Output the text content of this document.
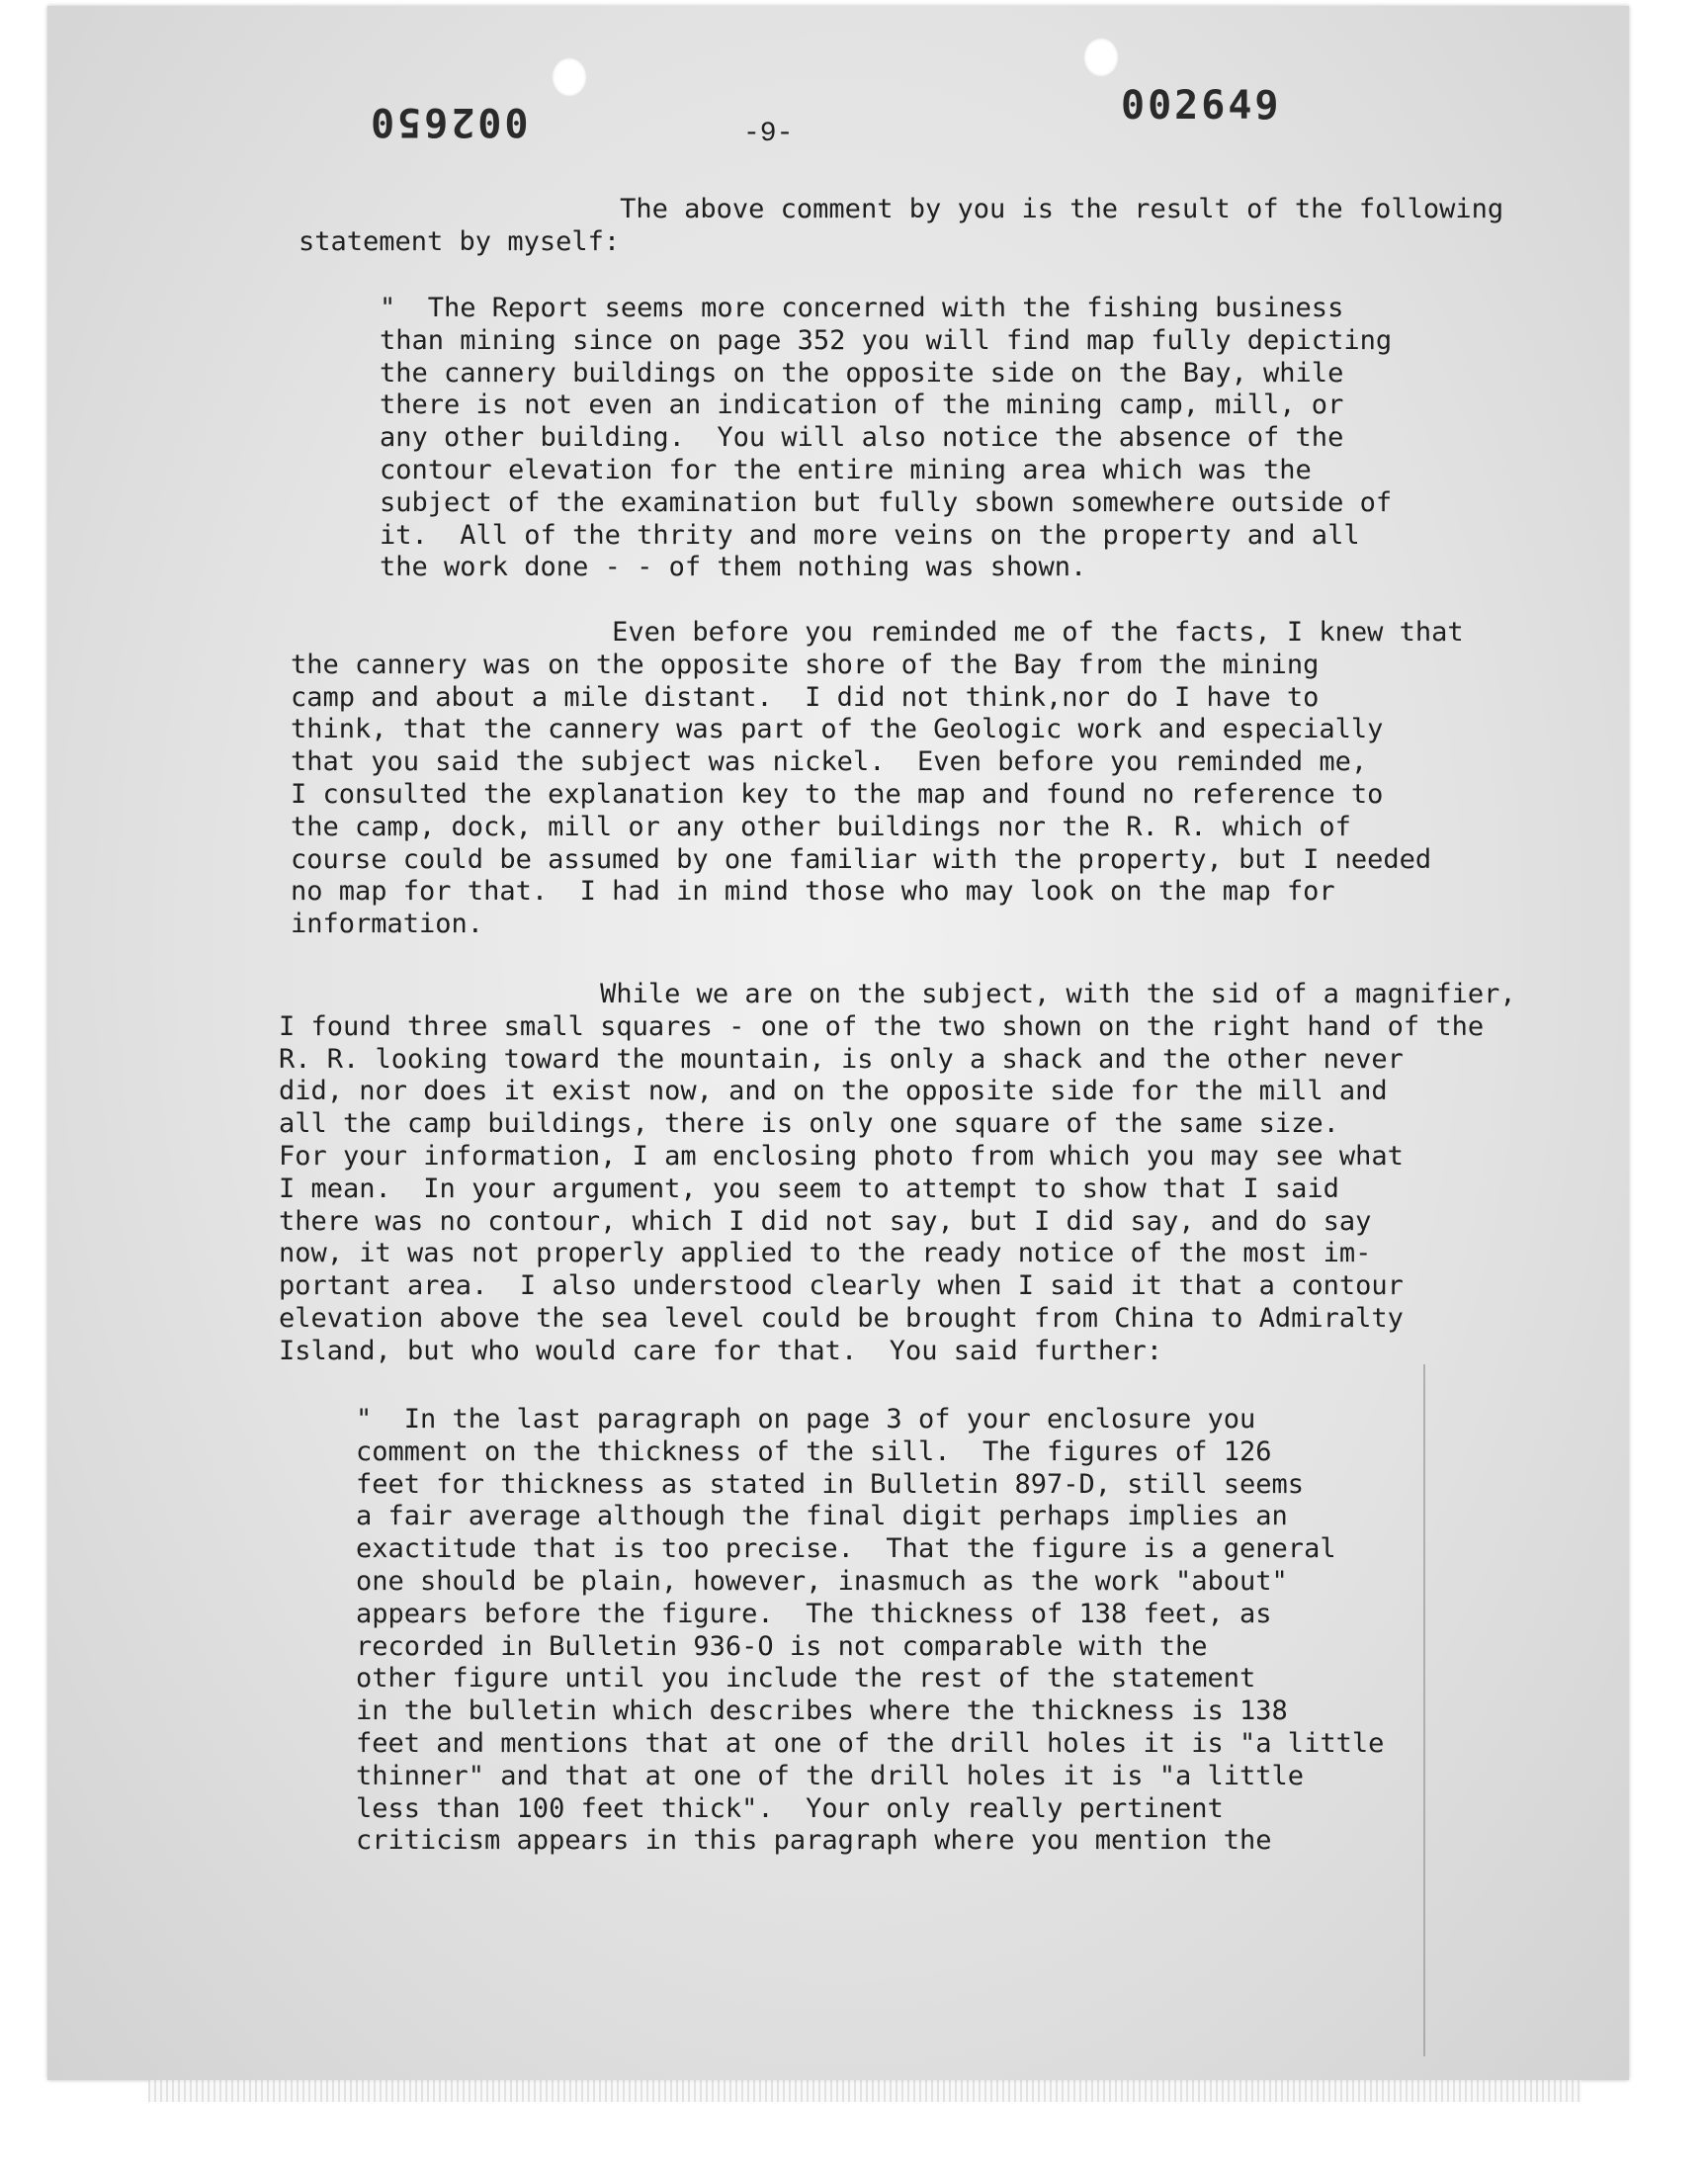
002650	002649
-9-
The above comment by you is the result of the following
statement by myself:
"  The Report seems more concerned with the fishing business
than mining since on page 352 you will find map fully depicting
the cannery buildings on the opposite side on the Bay, while
there is not even an indication of the mining camp, mill, or
any other building.  You will also notice the absence of the
contour elevation for the entire mining area which was the
subject of the examination but fully sbown somewhere outside of
it.  All of the thrity and more veins on the property and all
the work done - - of them nothing was shown.
Even before you reminded me of the facts, I knew that
the cannery was on the opposite shore of the Bay from the mining
camp and about a mile distant.  I did not think,nor do I have to
think, that the cannery was part of the Geologic work and especially
that you said the subject was nickel.  Even before you reminded me,
I consulted the explanation key to the map and found no reference to
the camp, dock, mill or any other buildings nor the R. R. which of
course could be assumed by one familiar with the property, but I needed
no map for that.  I had in mind those who may look on the map for
information.
While we are on the subject, with the sid of a magnifier,
I found three small squares - one of the two shown on the right hand of the
R. R. looking toward the mountain, is only a shack and the other never
did, nor does it exist now, and on the opposite side for the mill and
all the camp buildings, there is only one square of the same size.
For your information, I am enclosing photo from which you may see what
I mean.  In your argument, you seem to attempt to show that I said
there was no contour, which I did not say, but I did say, and do say
now, it was not properly applied to the ready notice of the most im-
portant area.  I also understood clearly when I said it that a contour
elevation above the sea level could be brought from China to Admiralty
Island, but who would care for that.  You said further:
"  In the last paragraph on page 3 of your enclosure you
comment on the thickness of the sill.  The figures of 126
feet for thickness as stated in Bulletin 897-D, still seems
a fair average although the final digit perhaps implies an
exactitude that is too precise.  That the figure is a general
one should be plain, however, inasmuch as the work "about"
appears before the figure.  The thickness of 138 feet, as
recorded in Bulletin 936-O is not comparable with the
other figure until you include the rest of the statement
in the bulletin which describes where the thickness is 138
feet and mentions that at one of the drill holes it is "a little
thinner" and that at one of the drill holes it is "a little
less than 100 feet thick".  Your only really pertinent
criticism appears in this paragraph where you mention the
